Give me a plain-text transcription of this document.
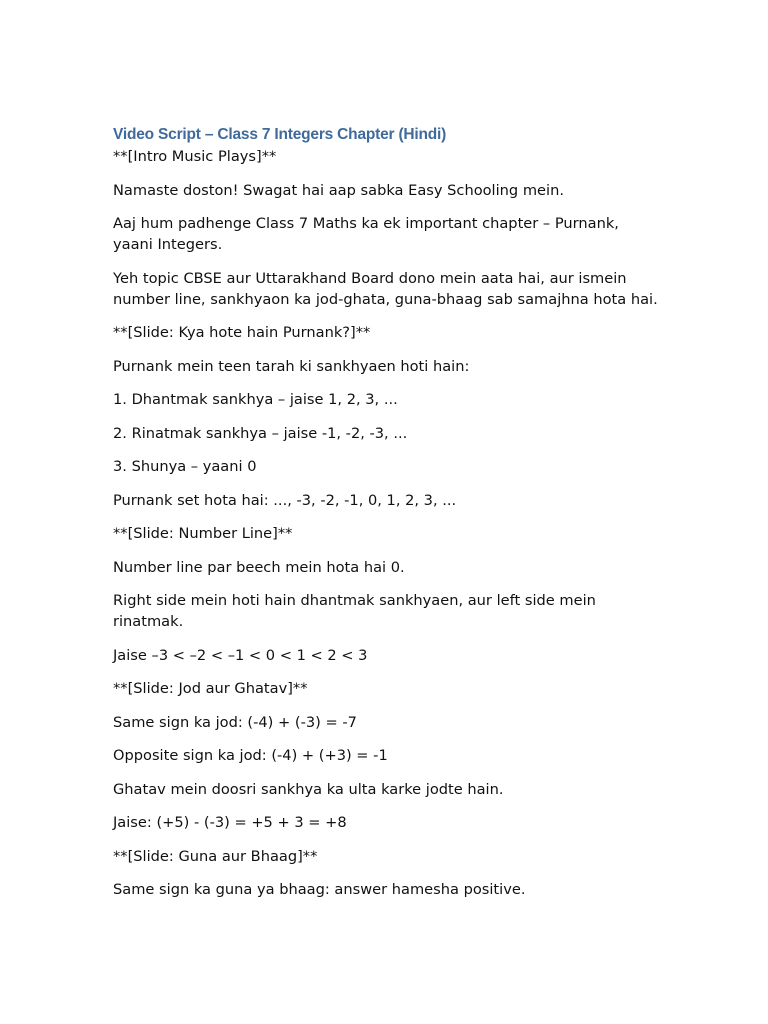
Video Script – Class 7 Integers Chapter (Hindi)

**[Intro Music Plays]**

Namaste doston! Swagat hai aap sabka Easy Schooling mein.

Aaj hum padhenge Class 7 Maths ka ek important chapter – Purnank, yaani Integers.

Yeh topic CBSE aur Uttarakhand Board dono mein aata hai, aur ismein number line, sankhyaon ka jod-ghata, guna-bhaag sab samajhna hota hai.

**[Slide: Kya hote hain Purnank?]**

Purnank mein teen tarah ki sankhyaen hoti hain:

1. Dhantmak sankhya – jaise 1, 2, 3, ...

2. Rinatmak sankhya – jaise -1, -2, -3, ...

3. Shunya – yaani 0

Purnank set hota hai: ..., -3, -2, -1, 0, 1, 2, 3, ...

**[Slide: Number Line]**

Number line par beech mein hota hai 0.

Right side mein hoti hain dhantmak sankhyaen, aur left side mein rinatmak.

Jaise –3 < –2 < –1 < 0 < 1 < 2 < 3

**[Slide: Jod aur Ghatav]**

Same sign ka jod: (-4) + (-3) = -7

Opposite sign ka jod: (-4) + (+3) = -1

Ghatav mein doosri sankhya ka ulta karke jodte hain.

Jaise: (+5) - (-3) = +5 + 3 = +8

**[Slide: Guna aur Bhaag]**

Same sign ka guna ya bhaag: answer hamesha positive.
